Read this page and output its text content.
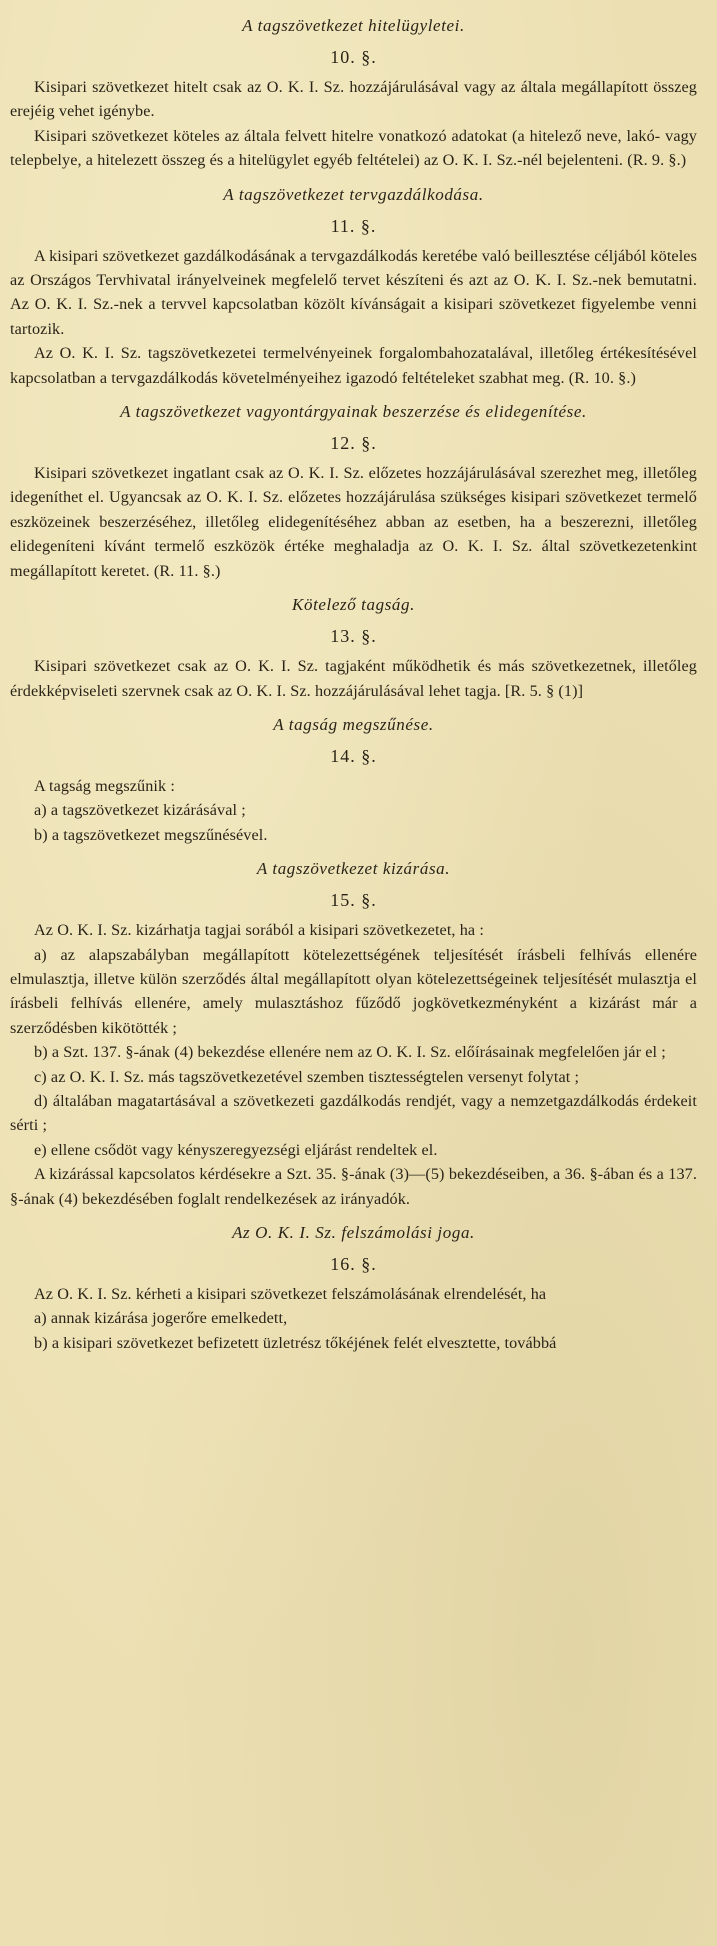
A tagszövetkezet hitelügyletei.
10. §.

Kisipari szövetkezet hitelt csak az O. K. I. Sz. hozzájárulásával vagy az általa megállapított összeg erejéig vehet igénybe.

Kisipari szövetkezet köteles az általa felvett hitelre vonatkozó adatokat (a hitelező neve, lakó- vagy telepbelye, a hitelezett összeg és a hitelügylet egyéb feltételei) az O. K. I. Sz.-nél bejelenteni. (R. 9. §.)

A tagszövetkezet tervgazdálkodása.
11. §.

A kisipari szövetkezet gazdálkodásának a tervgazdálkodás keretébe való beillesztése céljából köteles az Országos Tervhivatal irányelveinek megfelelő tervet készíteni és azt az O. K. I. Sz.-nek bemutatni. Az O. K. I. Sz.-nek a tervvel kapcsolatban közölt kívánságait a kisipari szövetkezet figyelembe venni tartozik.

Az O. K. I. Sz. tagszövetkezetei termelvényeinek forgalombahozatalával, illetőleg értékesítésével kapcsolatban a tervgazdálkodás követelményeihez igazodó feltételeket szabhat meg. (R. 10. §.)

A tagszövetkezet vagyontárgyainak beszerzése és elidegenítése.
12. §.

Kisipari szövetkezet ingatlant csak az O. K. I. Sz. előzetes hozzájárulásával szerezhet meg, illetőleg idegeníthet el. Ugyancsak az O. K. I. Sz. előzetes hozzájárulása szükséges kisipari szövetkezet termelő eszközeinek beszerzéséhez, illetőleg elidegenítéséhez abban az esetben, ha a beszerezni, illetőleg elidegeníteni kívánt termelő eszközök értéke meghaladja az O. K. I. Sz. által szövetkezetenkint megállapított keretet. (R. 11. §.)

Kötelező tagság.
13. §.

Kisipari szövetkezet csak az O. K. I. Sz. tagjaként működhetik és más szövetkezetnek, illetőleg érdekképviseleti szervnek csak az O. K. I. Sz. hozzájárulásával lehet tagja. [R. 5. § (1)]

A tagság megszűnése.
14. §.

A tagság megszűnik :

a) a tagszövetkezet kizárásával ;

b) a tagszövetkezet megszűnésével.

A tagszövetkezet kizárása.
15. §.

Az O. K. I. Sz. kizárhatja tagjai sorából a kisipari szövetkezetet, ha :

a) az alapszabályban megállapított kötelezettségének teljesítését írásbeli felhívás ellenére elmulasztja, illetve külön szerződés által megállapított olyan kötelezettségeinek teljesítését mulasztja el írásbeli felhívás ellenére, amely mulasztáshoz fűződő jogkövetkezményként a kizárást már a szerződésben kikötötték ;

b) a Szt. 137. §-ának (4) bekezdése ellenére nem az O. K. I. Sz. előírásainak megfelelően jár el ;

c) az O. K. I. Sz. más tagszövetkezetével szemben tisztességtelen versenyt folytat ;

d) általában magatartásával a szövetkezeti gazdálkodás rendjét, vagy a nemzetgazdálkodás érdekeit sérti ;

e) ellene csődöt vagy kényszeregyezségi eljárást rendeltek el.

A kizárással kapcsolatos kérdésekre a Szt. 35. §-ának (3)—(5) bekezdéseiben, a 36. §-ában és a 137. §-ának (4) bekezdésében foglalt rendelkezések az irányadók.

Az O. K. I. Sz. felszámolási joga.
16. §.

Az O. K. I. Sz. kérheti a kisipari szövetkezet felszámolásának elrendelését, ha

a) annak kizárása jogerőre emelkedett,

b) a kisipari szövetkezet befizetett üzletrész tőkéjének felét elvesztette, továbbá
